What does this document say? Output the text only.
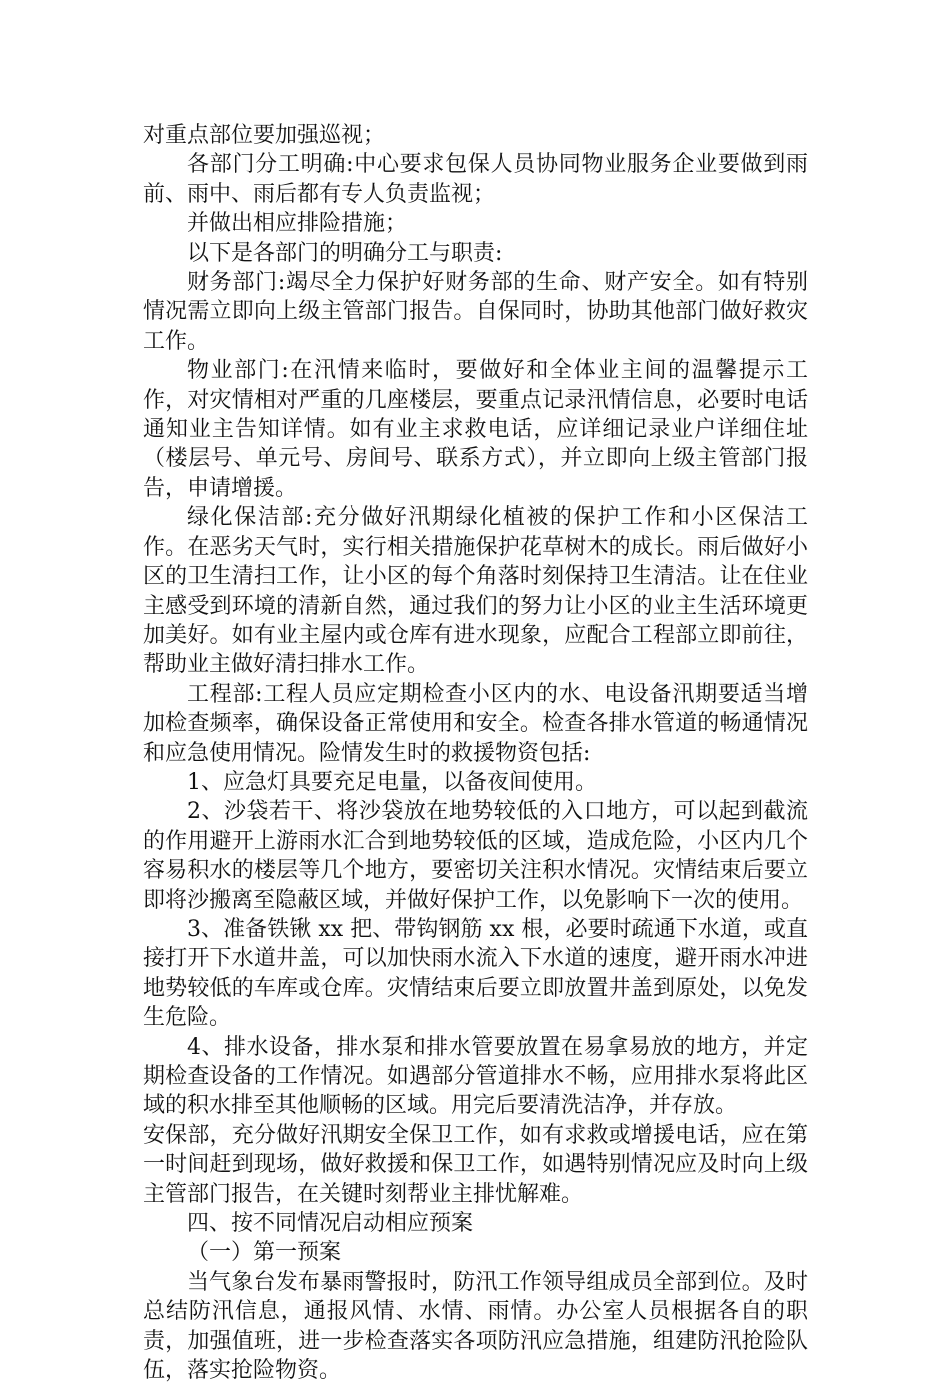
对重点部位要加强巡视；

各部门分工明确:中心要求包保人员协同物业服务企业要做到雨前、雨中、雨后都有专人负责监视；

并做出相应排险措施；

以下是各部门的明确分工与职责:

财务部门:竭尽全力保护好财务部的生命、财产安全。如有特别情况需立即向上级主管部门报告。自保同时，协助其他部门做好救灾工作。

物业部门:在汛情来临时，要做好和全体业主间的温馨提示工作，对灾情相对严重的几座楼层，要重点记录汛情信息，必要时电话通知业主告知详情。如有业主求救电话，应详细记录业户详细住址（楼层号、单元号、房间号、联系方式），并立即向上级主管部门报告，申请增援。

绿化保洁部:充分做好汛期绿化植被的保护工作和小区保洁工作。在恶劣天气时，实行相关措施保护花草树木的成长。雨后做好小区的卫生清扫工作，让小区的每个角落时刻保持卫生清洁。让在住业主感受到环境的清新自然，通过我们的努力让小区的业主生活环境更加美好。如有业主屋内或仓库有进水现象，应配合工程部立即前往，帮助业主做好清扫排水工作。

工程部:工程人员应定期检查小区内的水、电设备汛期要适当增加检查频率，确保设备正常使用和安全。检查各排水管道的畅通情况和应急使用情况。险情发生时的救援物资包括:

1、应急灯具要充足电量，以备夜间使用。

2、沙袋若干、将沙袋放在地势较低的入口地方，可以起到截流的作用避开上游雨水汇合到地势较低的区域，造成危险，小区内几个容易积水的楼层等几个地方，要密切关注积水情况。灾情结束后要立即将沙搬离至隐蔽区域，并做好保护工作，以免影响下一次的使用。

3、准备铁锹 xx 把、带钩钢筋 xx 根，必要时疏通下水道，或直接打开下水道井盖，可以加快雨水流入下水道的速度，避开雨水冲进地势较低的车库或仓库。灾情结束后要立即放置井盖到原处，以免发生危险。

4、排水设备，排水泵和排水管要放置在易拿易放的地方，并定期检查设备的工作情况。如遇部分管道排水不畅，应用排水泵将此区域的积水排至其他顺畅的区域。用完后要清洗洁净，并存放。

安保部，充分做好汛期安全保卫工作，如有求救或增援电话，应在第一时间赶到现场，做好救援和保卫工作，如遇特别情况应及时向上级主管部门报告，在关键时刻帮业主排忧解难。

四、按不同情况启动相应预案

（一）第一预案

当气象台发布暴雨警报时，防汛工作领导组成员全部到位。及时总结防汛信息，通报风情、水情、雨情。办公室人员根据各自的职责，加强值班，进一步检查落实各项防汛应急措施，组建防汛抢险队伍，落实抢险物资。
